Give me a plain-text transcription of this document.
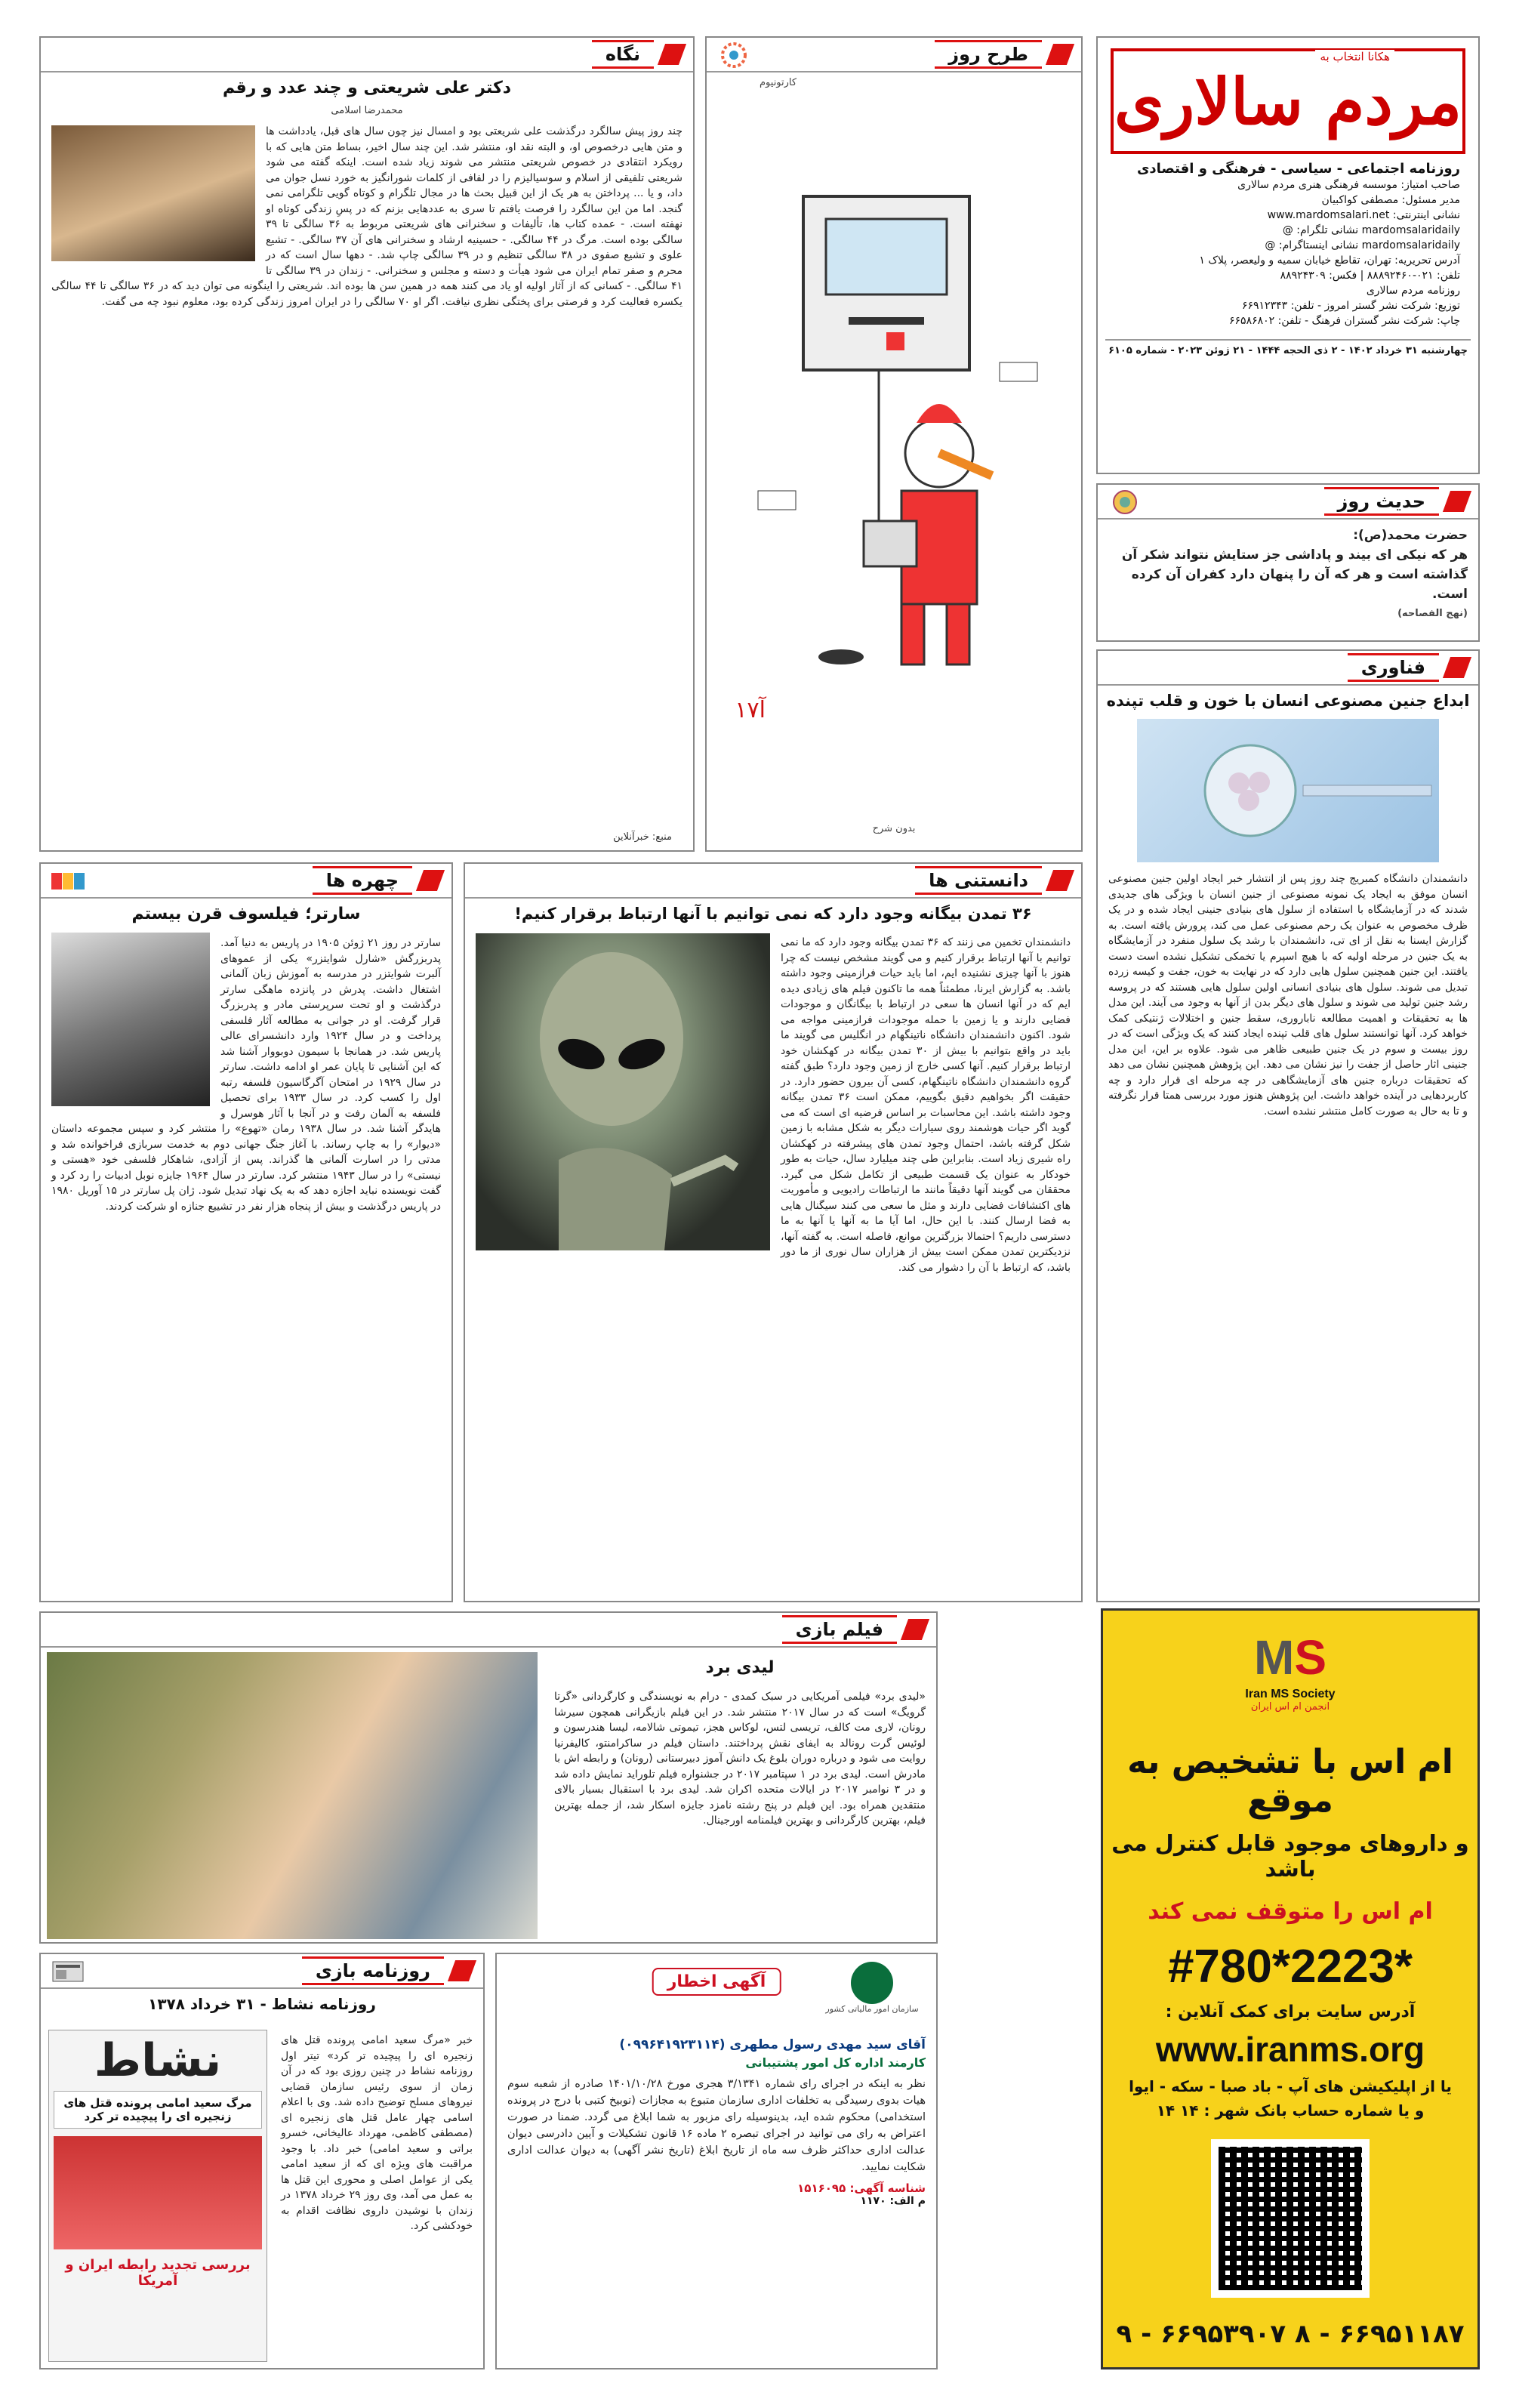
هکانا انتخاب به
مردم سالاری
روزنامه اجتماعی - سیاسی - فرهنگی و اقتصادی
صاحب امتیاز: موسسه فرهنگی هنری مردم سالاری
مدیر مسئول: مصطفی کواکبیان
نشانی اینترنتی: www.mardomsalari.net
mardomsalaridaily نشانی تلگرام: @
mardomsalaridaily نشانی اینستاگرام: @
آدرس تحریریه: تهران، تقاطع خیابان سمیه و ولیعصر، پلاک ۱
تلفن: ۰۲۱-۸۸۸۹۲۴۶۰ | فکس: ۸۸۹۲۴۳۰۹
روزنامه مردم سالاری
توزیع: شرکت نشر گستر امروز - تلفن: ۶۶۹۱۲۳۴۳
چاپ: شرکت نشر گستران فرهنگ - تلفن: ۶۶۵۸۶۸۰۲
چهارشنبه ۳۱ خرداد ۱۴۰۲ - ۲ ذی الحجه ۱۴۴۴ - ۲۱ ژوئن ۲۰۲۳ - شماره ۶۱۰۵
حدیث روز
حضرت محمد(ص):
هر که نیکی ای بیند و پاداشی جز ستایش نتواند شکر آن گذاشته است و هر که آن را پنهان دارد کفران آن کرده است.
(نهج الفصاحه)
فناوری
ابداع جنین مصنوعی انسان با خون و قلب تپنده
دانشمندان دانشگاه کمبریج چند روز پس از انتشار خبر ایجاد اولین جنین مصنوعی انسان موفق به ایجاد یک نمونه مصنوعی از جنین انسان با ویژگی های جدیدی شدند که در آزمایشگاه با استفاده از سلول های بنیادی جنینی ایجاد شده و در یک ظرف مخصوص به عنوان یک رحم مصنوعی عمل می کند، پرورش یافته است. به گزارش ایسنا به نقل از ای تی، دانشمندان با رشد یک سلول منفرد در آزمایشگاه به یک جنین در مرحله اولیه که با هیچ اسپرم یا تخمکی تشکیل نشده است دست یافتند. این جنین همچنین سلول هایی دارد که در نهایت به خون، جفت و کیسه زرده تبدیل می شوند. سلول های بنیادی انسانی اولین سلول هایی هستند که در پروسه رشد جنین تولید می شوند و سلول های دیگر بدن از آنها به وجود می آیند. این مدل ها به تحقیقات و اهمیت مطالعه ناباروری، سقط جنین و اختلالات ژنتیکی کمک خواهد کرد. آنها توانستند سلول های قلب تپنده ایجاد کنند که یک ویژگی است که در روز بیست و سوم در یک جنین طبیعی ظاهر می شود. علاوه بر این، این مدل جنینی اثار حاصل از جفت را نیز نشان می دهد. این پژوهش همچنین نشان می دهد که تحقیقات درباره جنین های آزمایشگاهی در چه مرحله ای قرار دارد و چه کاربردهایی در آینده خواهد داشت. این پژوهش هنوز مورد بررسی همتا قرار نگرفته و تا به حال به صورت کامل منتشر نشده است.
طرح روز
کارتونیوم
آ۱۷
بدون شرح
نگاه
دکتر علی شریعتی و چند عدد و رقم
محمدرضا اسلامی
چند روز پیش سالگرد درگذشت علی شریعتی بود و امسال نیز چون سال های قبل، یادداشت ها و متن هایی درخصوص او، و البته نقد او، منتشر شد. این چند سال اخیر، بساط متن هایی که با رویکرد انتقادی در خصوص شریعتی منتشر می شوند زیاد شده است. اینکه گفته می شود شریعتی تلفیقی از اسلام و سوسیالیزم را در لفافی از کلمات شورانگیز به خورد نسل جوان می داد، و یا ... پرداختن به هر یک از این قبیل بحث ها در مجال تلگرام و کوتاه گویی تلگرامی نمی گنجد. اما من این سالگرد را فرصت یافتم تا سری به عددهایی بزنم که در پسِ زندگی کوتاه او نهفته است. - عمده کتاب ها، تألیفات و سخنرانی های شریعتی مربوط به ۳۶ سالگی تا ۳۹ سالگی بوده است. مرگ در ۴۴ سالگی. - حسینیه ارشاد و سخنرانی های آن ۳۷ سالگی. - تشیع علوی و تشیع صفوی در ۳۸ سالگی تنظیم و در ۳۹ سالگی چاپ شد. - دهها سال است که در محرم و صفر تمام ایران می شود هیأت و دسته و مجلس و سخنرانی. - زندان در ۳۹ سالگی تا ۴۱ سالگی. - کسانی که از آثار اولیه او یاد می کنند همه در همین سن ها بوده اند. شریعتی را اینگونه می توان دید که در ۳۶ سالگی تا ۴۴ سالگی یکسره فعالیت کرد و فرصتی برای پختگی نظری نیافت. اگر او ۷۰ سالگی را در ایران امروز زندگی کرده بود، معلوم نبود چه می گفت.
منبع: خبرآنلاین
دانستنی ها
۳۶ تمدن بیگانه وجود دارد که نمی توانیم با آنها ارتباط برقرار کنیم!
دانشمندان تخمین می زنند که ۳۶ تمدن بیگانه وجود دارد که ما نمی توانیم با آنها ارتباط برقرار کنیم و می گویند مشخص نیست که چرا هنوز با آنها چیزی نشنیده ایم، اما باید حیات فرازمینی وجود داشته باشد. به گزارش ایرنا، مطمئناً همه ما تاکنون فیلم های زیادی دیده ایم که در آنها انسان ها سعی در ارتباط با بیگانگان و موجودات فضایی دارند و یا زمین با حمله موجودات فرازمینی مواجه می شود. اکنون دانشمندان دانشگاه ناتینگهام در انگلیس می گویند ما باید در واقع بتوانیم با بیش از ۳۰ تمدن بیگانه در کهکشان خود ارتباط برقرار کنیم. آنها کسی خارج از زمین وجود دارد؟ طبق گفته گروه دانشمندان دانشگاه ناتینگهام، کسی آن بیرون حضور دارد. در حقیقت اگر بخواهیم دقیق بگوییم، ممکن است ۳۶ تمدن بیگانه وجود داشته باشد. این محاسبات بر اساس فرضیه ای است که می گوید اگر حیات هوشمند روی سیارات دیگر به شکل مشابه با زمین شکل گرفته باشد، احتمال وجود تمدن های پیشرفته در کهکشان راه شیری زیاد است. بنابراین طی چند میلیارد سال، حیات به طور خودکار به عنوان یک قسمت طبیعی از تکامل شکل می گیرد. محققان می گویند آنها دقیقاً مانند ما ارتباطات رادیویی و مأموریت های اکتشافات فضایی دارند و مثل ما سعی می کنند سیگنال هایی به فضا ارسال کنند. با این حال، اما آیا ما به آنها یا آنها به ما دسترسی داریم؟ احتمالا بزرگترین موانع، فاصله است. به گفته آنها، نزدیکترین تمدن ممکن است بیش از هزاران سال نوری از ما دور باشد، که ارتباط با آن را دشوار می کند.
چهره ها
سارتر؛ فیلسوف قرن بیستم
سارتر در روز ۲۱ ژوئن ۱۹۰۵ در پاریس به دنیا آمد. پدربزرگش «شارل شوایتزر» یکی از عموهای آلبرت شوایتزر در مدرسه به آموزش زبان آلمانی اشتغال داشت. پدرش در پانزده ماهگی سارتر درگذشت و او تحت سرپرستی مادر و پدربزرگ قرار گرفت. او در جوانی به مطالعه آثار فلسفی پرداخت و در سال ۱۹۲۴ وارد دانشسرای عالی پاریس شد. در همانجا با سیمون دوبووار آشنا شد که این آشنایی تا پایان عمر او ادامه داشت. سارتر در سال ۱۹۲۹ در امتحان آگرگاسیون فلسفه رتبه اول را کسب کرد. در سال ۱۹۳۳ برای تحصیل فلسفه به آلمان رفت و در آنجا با آثار هوسرل و هایدگر آشنا شد. در سال ۱۹۳۸ رمان «تهوع» را منتشر کرد و سپس مجموعه داستان «دیوار» را به چاپ رساند. با آغاز جنگ جهانی دوم به خدمت سربازی فراخوانده شد و مدتی را در اسارت آلمانی ها گذراند. پس از آزادی، شاهکار فلسفی خود «هستی و نیستی» را در سال ۱۹۴۳ منتشر کرد. سارتر در سال ۱۹۶۴ جایزه نوبل ادبیات را رد کرد و گفت نویسنده نباید اجازه دهد که به یک نهاد تبدیل شود. ژان پل سارتر در ۱۵ آوریل ۱۹۸۰ در پاریس درگذشت و بیش از پنجاه هزار نفر در تشییع جنازه او شرکت کردند.
فیلم بازی
لیدی برد
«لیدی برد» فیلمی آمریکایی در سبک کمدی - درام به نویسندگی و کارگردانی «گرتا گرویگ» است که در سال ۲۰۱۷ منتشر شد. در این فیلم بازیگرانی همچون سیرشا رونان، لاری مت کالف، تریسی لتس، لوکاس هجز، تیموتی شالامه، لیسا هندرسون و لوئیس گرت رونالد به ایفای نقش پرداختند. داستان فیلم در ساکرامنتو، کالیفرنیا روایت می شود و درباره دوران بلوغ یک دانش آموز دبیرستانی (رونان) و رابطه اش با مادرش است. لیدی برد در ۱ سپتامبر ۲۰۱۷ در جشنواره فیلم تلوراید نمایش داده شد و در ۳ نوامبر ۲۰۱۷ در ایالات متحده اکران شد. لیدی برد با استقبال بسیار بالای منتقدین همراه بود. این فیلم در پنج رشته نامزد جایزه اسکار شد، از جمله بهترین فیلم، بهترین کارگردانی و بهترین فیلمنامه اورجینال.
MS
Iran MS Society
انجمن ام اس ایران
ام اس با تشخیص به موقع
و داروهای موجود قابل کنترل می باشد
ام اس را متوقف نمی کند
#780*2223*
آدرس سایت برای کمک آنلاین :
www.iranms.org
یا از اپلیکیشن های آپ - باد صبا - سکه - ایوا
و یا شماره حساب بانک شهر : ۱۴ ۱۴
۶۶۹۵۱۱۸۷ - ۸ ۶۶۹۵۳۹۰۷ - ۹
سازمان امور مالیاتی کشور
آگهی اخطار
آقای سید مهدی رسول مطهری (۰۹۹۶۴۱۹۲۳۱۱۴)
کارمند اداره کل امور پشتیبانی
نظر به اینکه در اجرای رای شماره ۳/۱۳۴۱ هجری مورخ ۱۴۰۱/۱۰/۲۸ صادره از شعبه سوم هیات بدوی رسیدگی به تخلفات اداری سازمان متبوع به مجازات (توبیخ کتبی با درج در پرونده استخدامی) محکوم شده اید، بدینوسیله رای مزبور به شما ابلاغ می گردد. ضمنا در صورت اعتراض به رای می توانید در اجرای تبصره ۲ ماده ۱۶ قانون تشکیلات و آیین دادرسی دیوان عدالت اداری حداکثر ظرف سه ماه از تاریخ ابلاغ (تاریخ نشر آگهی) به دیوان عدالت اداری شکایت نمایید.
شناسه آگهی: ۱۵۱۶۰۹۵
م الف: ۱۱۷۰
روزنامه بازی
روزنامه نشاط - ۳۱ خرداد ۱۳۷۸
نشاط
مرگ سعید امامی پرونده قتل های زنجیره ای را پیچیده تر کرد
بررسی تجدید رابطه ایران و آمریکا
خبر «مرگ سعید امامی پرونده قتل های زنجیره ای را پیچیده تر کرد» تیتر اول روزنامه نشاط در چنین روزی بود که در آن زمان از سوی رئیس سازمان قضایی نیروهای مسلح توضیح داده شد. وی با اعلام اسامی چهار عامل قتل های زنجیره ای (مصطفی کاظمی، مهرداد عالیخانی، خسرو براتی و سعید امامی) خبر داد. با وجود مراقبت های ویژه ای که از سعید امامی یکی از عوامل اصلی و محوری این قتل ها به عمل می آمد، وی روز ۲۹ خرداد ۱۳۷۸ در زندان با نوشیدن داروی نظافت اقدام به خودکشی کرد.
